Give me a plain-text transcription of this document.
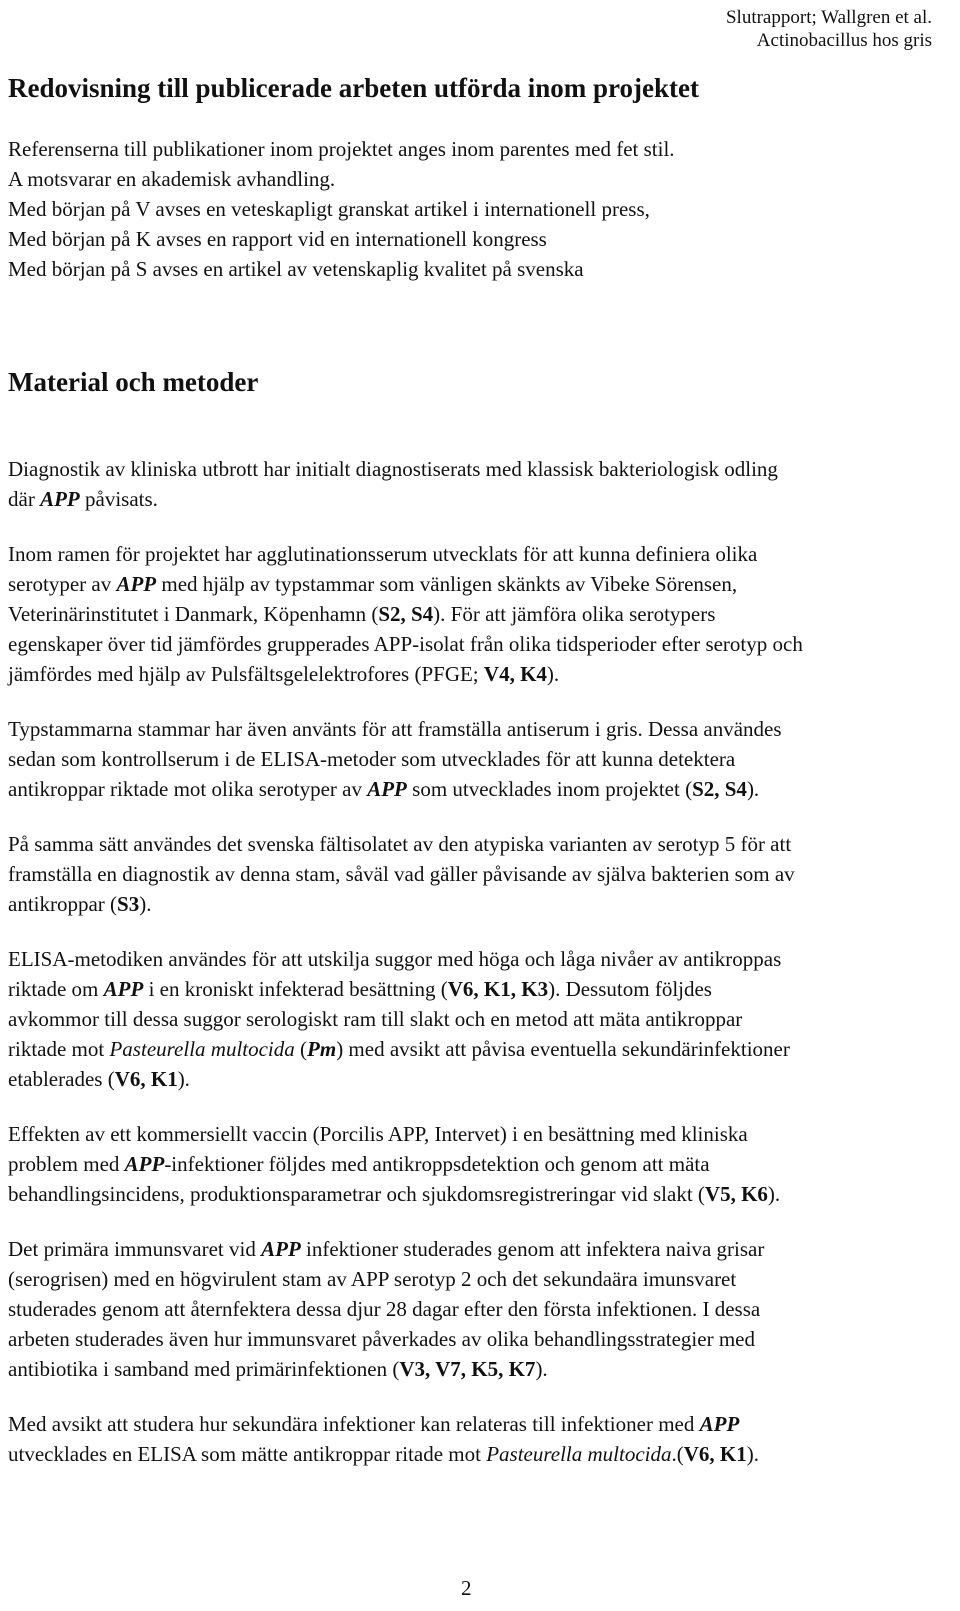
Slutrapport; Wallgren et al.
Actinobacillus hos gris
Redovisning till publicerade arbeten utförda inom projektet
Referenserna till publikationer inom projektet anges inom parentes med fet stil.
A motsvarar en akademisk avhandling.
Med början på V avses en veteskapligt granskat artikel i internationell press,
Med början på K avses en rapport vid en internationell kongress
Med början på S avses en artikel av vetenskaplig kvalitet på svenska
Material och metoder

Diagnostik av kliniska utbrott har initialt diagnostiserats med klassisk bakteriologisk odling
där APP påvisats.

Inom ramen för projektet har agglutinationsserum utvecklats för att kunna definiera olika
serotyper av APP med hjälp av typstammar som vänligen skänkts av Vibeke Sörensen,
Veterinärinstitutet i Danmark, Köpenhamn (S2, S4). För att jämföra olika serotypers
egenskaper över tid jämfördes grupperades APP-isolat från olika tidsperioder efter serotyp och
jämfördes med hjälp av Pulsfältsgelelektrofores (PFGE; V4, K4).

Typstammarna stammar har även använts för att framställa antiserum i gris. Dessa användes
sedan som kontrollserum i de ELISA-metoder som utvecklades för att kunna detektera
antikroppar riktade mot olika serotyper av APP som utvecklades inom projektet (S2, S4).

På samma sätt användes det svenska fältisolatet av den atypiska varianten av serotyp 5 för att
framställa en diagnostik av denna stam, såväl vad gäller påvisande av själva bakterien som av
antikroppar (S3).

ELISA-metodiken användes för att utskilja suggor med höga och låga nivåer av antikroppas
riktade om APP i en kroniskt infekterad besättning (V6, K1, K3). Dessutom följdes
avkommor till dessa suggor serologiskt ram till slakt och en metod att mäta antikroppar
riktade mot Pasteurella multocida (Pm) med avsikt att påvisa eventuella sekundärinfektioner
etablerades (V6, K1).

Effekten av ett kommersiellt vaccin (Porcilis APP, Intervet) i en besättning med kliniska
problem med APP-infektioner följdes med antikroppsdetektion och genom att mäta
behandlingsincidens, produktionsparametrar och sjukdomsregistreringar vid slakt (V5, K6).

Det primära immunsvaret vid APP infektioner studerades genom att infektera naiva grisar
(serogrisen) med en högvirulent stam av APP serotyp 2 och det sekundaära imunsvaret
studerades genom att åternfektera dessa djur 28 dagar efter den första infektionen. I dessa
arbeten studerades även hur immunsvaret påverkades av olika behandlingsstrategier med
antibiotika i samband med primärinfektionen (V3, V7, K5, K7).

Med avsikt att studera hur sekundära infektioner kan relateras till infektioner med APP
utvecklades en ELISA som mätte antikroppar ritade mot Pasteurella multocida.(V6, K1).

2
